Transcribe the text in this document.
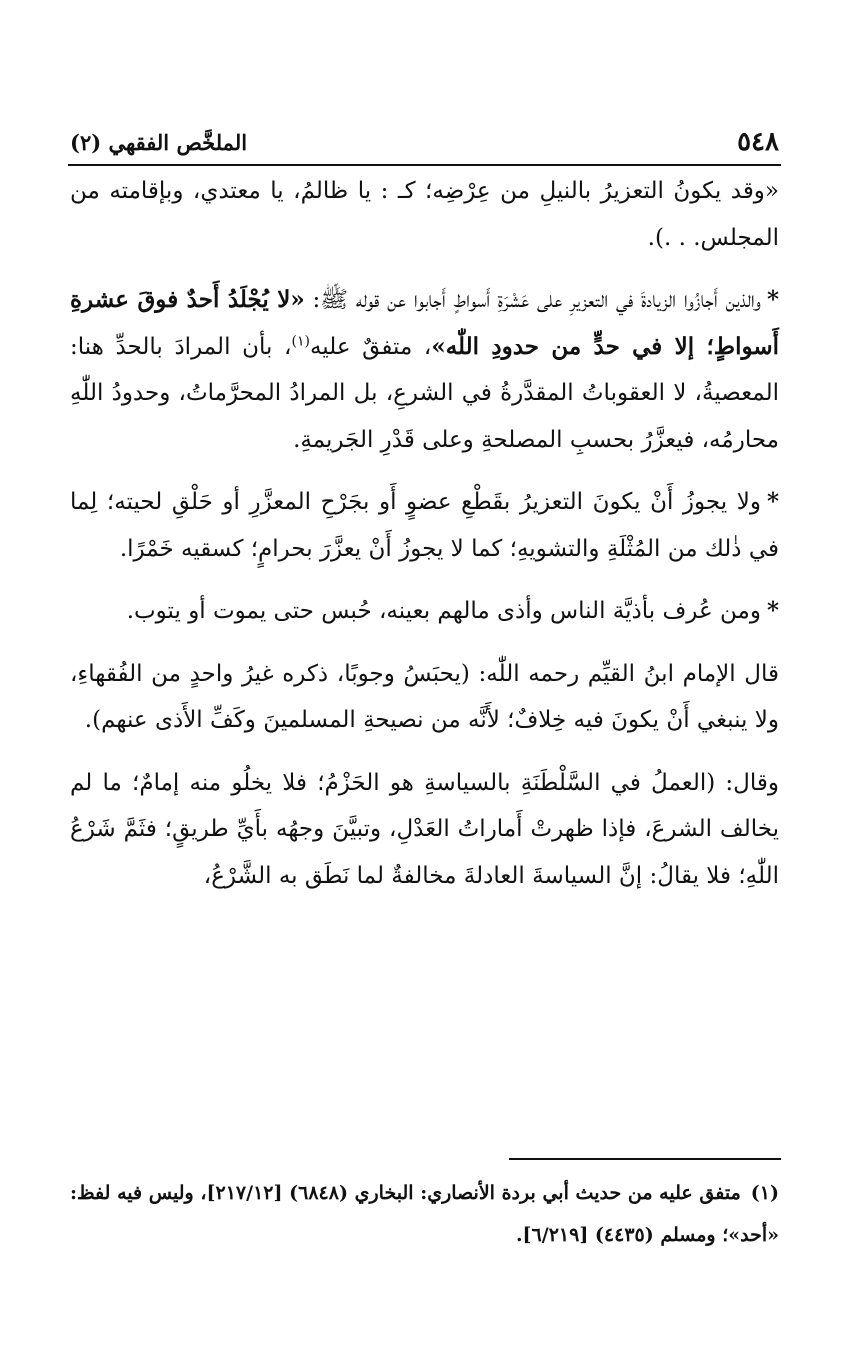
٥٤٨
الملخَّص الفقهي (٢)

«وقد يكونُ التعزيرُ بالنيلِ من عِرْضِه؛ كـ : يا ظالمُ، يا معتدي، وبإقامته من المجلس. . .).

*والذين أَجازُوا الزيادةَ في التعزيرِ على عَشْرَةِ أَسواطٍ أَجابوا عن قوله ﷺ: «لا يُجْلَدُ أَحدٌ فوقَ عشرةِ أَسواطٍ؛ إلا في حدٍّ من حدودِ اللّٰه»، متفقٌ عليه$^{(١)}$، بأن المرادَ بالحدِّ هنا: المعصيةُ، لا العقوباتُ المقدَّرةُ في الشرعِ، بل المرادُ المحرَّماتُ، وحدودُ اللّٰهِ محارمُه، فيعزَّرُ بحسبِ المصلحةِ وعلى قَدْرِ الجَريمةِ.

*ولا يجوزُ أَنْ يكونَ التعزيرُ بقَطْعِ عضوٍ أَو بجَرْحِ المعزَّرِ أو حَلْقِ لحيته؛ لِما في ذٰلك من المُثْلَةِ والتشويهِ؛ كما لا يجوزُ أَنْ يعزَّرَ بحرامٍ؛ كسقيه خَمْرًا.

*ومن عُرف بأذيَّة الناس وأذى مالهم بعينه، حُبس حتى يموت أو يتوب.

قال الإمام ابنُ القيِّم رحمه اللّٰه: (يحبَسُ وجوبًا، ذكره غيرُ واحدٍ من الفُقهاءِ، ولا ينبغي أَنْ يكونَ فيه خِلافٌ؛ لأَنَّه من نصيحةِ المسلمينَ وكَفِّ الأَذى عنهم).

وقال: (العملُ في السَّلْطَنَةِ بالسياسةِ هو الحَزْمُ؛ فلا يخلُو منه إمامٌ؛ ما لم يخالف الشرعَ، فإذا ظهرتْ أَماراتُ العَدْلِ، وتبيَّنَ وجهُه بأَيِّ طريقٍ؛ فثَمَّ شَرْعُ اللّٰهِ؛ فلا يقالُ: إنَّ السياسةَ العادلةَ مخالفةٌ لما نَطَق به الشَّرْعُ،

(١)متفق عليه من حديث أبي بردة الأنصاري: البخاري (٦٨٤٨) [٢١٧/١٢]، وليس فيه لفظ: «أحد»؛ ومسلم (٤٤٣٥) [٦/٢١٩].
